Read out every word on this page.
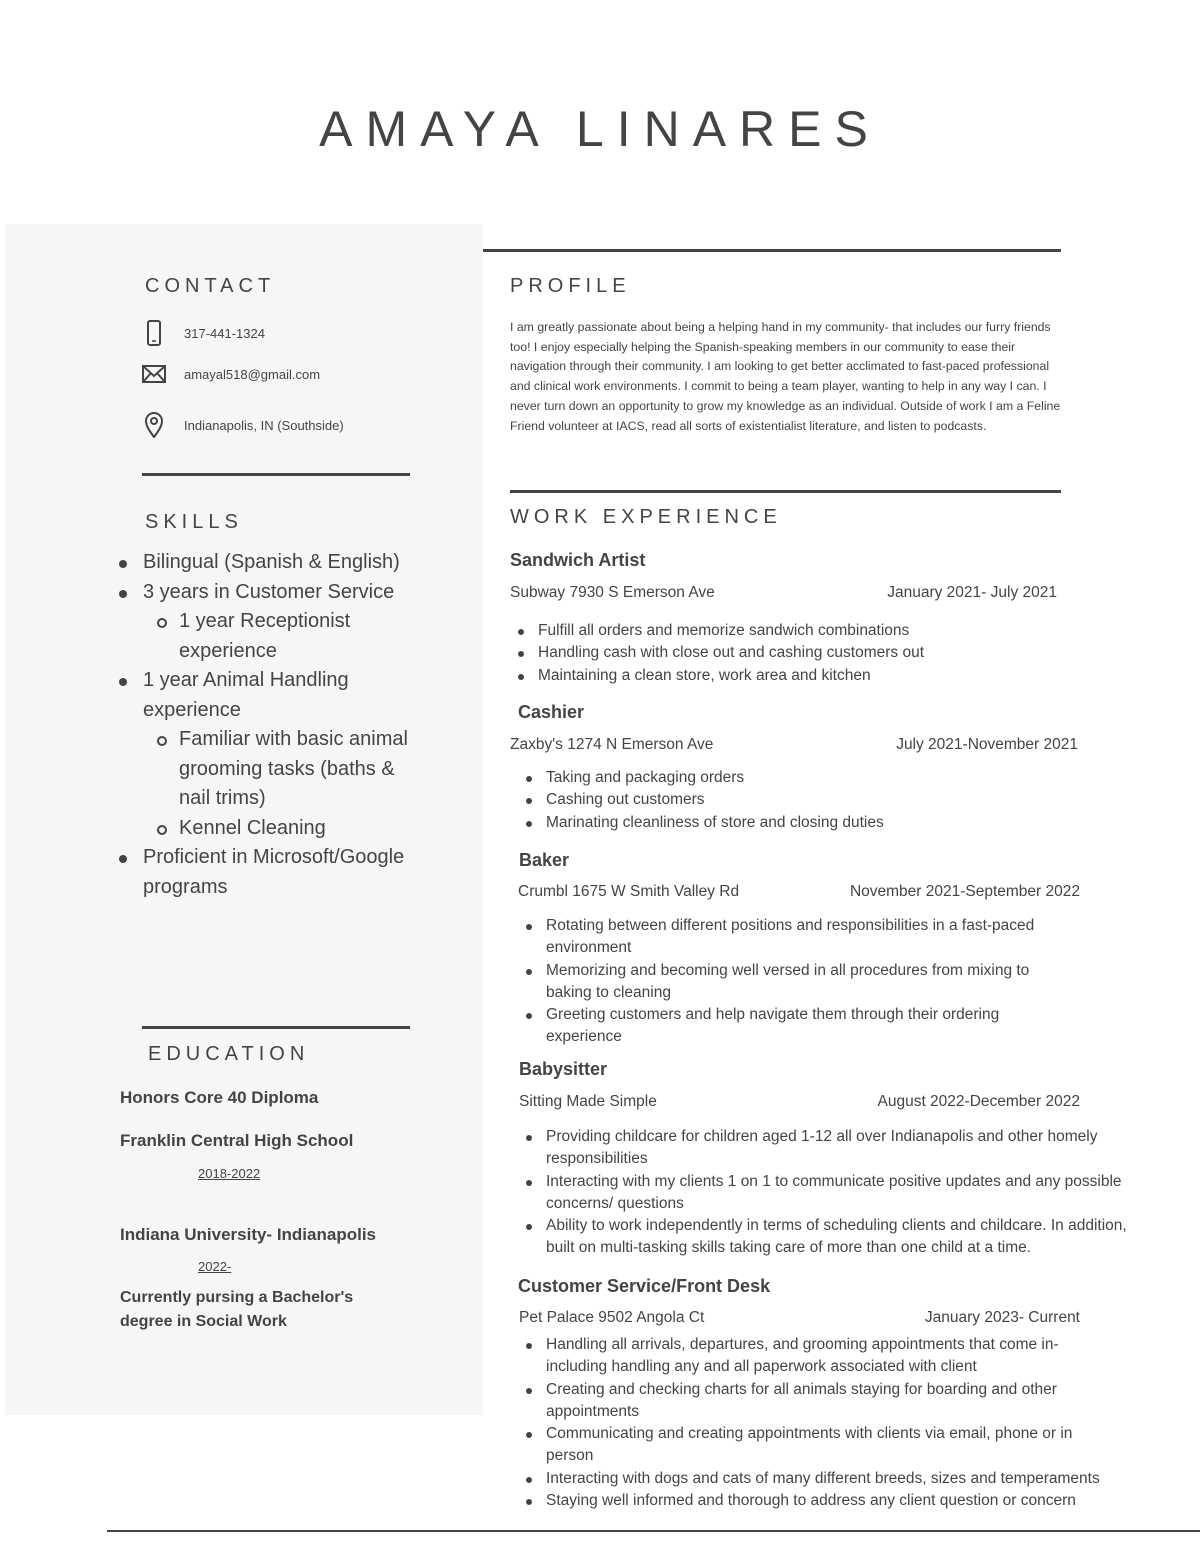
AMAYA LINARES
CONTACT
317-441-1324
amayal518@gmail.com
Indianapolis, IN (Southside)
SKILLS
Bilingual (Spanish & English)
3 years in Customer Service
1 year Receptionist experience
1 year Animal Handling experience
Familiar with basic animal grooming tasks (baths & nail trims)
Kennel Cleaning
Proficient in Microsoft/Google programs
EDUCATION
Honors Core 40 Diploma
Franklin Central High School
2018-2022
Indiana University- Indianapolis
2022-
Currently pursing a Bachelor's degree in Social Work
PROFILE
I am greatly passionate about being a helping hand in my community- that includes our furry friends too! I enjoy especially helping the Spanish-speaking members in our community to ease their navigation through their community. I am looking to get better acclimated to fast-paced professional and clinical work environments. I commit to being a team player, wanting to help in any way I can. I never turn down an opportunity to grow my knowledge as an individual. Outside of work I am a Feline Friend volunteer at IACS, read all sorts of existentialist literature, and listen to podcasts.
WORK EXPERIENCE
Sandwich Artist
Subway 7930 S Emerson Ave	January 2021- July 2021
Fulfill all orders and memorize sandwich combinations
Handling cash with close out and cashing customers out
Maintaining a clean store, work area and kitchen
Cashier
Zaxby's 1274 N Emerson Ave	July 2021-November 2021
Taking and packaging orders
Cashing out customers
Marinating cleanliness of store and closing duties
Baker
Crumbl 1675 W Smith Valley Rd	November 2021-September 2022
Rotating between different positions and responsibilities in a fast-paced environment
Memorizing and becoming well versed in all procedures from mixing to baking to cleaning
Greeting customers and help navigate them through their ordering experience
Babysitter
Sitting Made Simple	August 2022-December 2022
Providing childcare for children aged 1-12 all over Indianapolis and other homely responsibilities
Interacting with my clients 1 on 1 to communicate positive updates and any possible concerns/ questions
Ability to work independently in terms of scheduling clients and childcare. In addition, built on multi-tasking skills taking care of more than one child at a time.
Customer Service/Front Desk
Pet Palace 9502 Angola Ct	January 2023- Current
Handling all arrivals, departures, and grooming appointments that come in- including handling any and all paperwork associated with client
Creating and checking charts for all animals staying for boarding and other appointments
Communicating and creating appointments with clients via email, phone or in person
Interacting with dogs and cats of many different breeds, sizes and temperaments
Staying well informed and thorough to address any client question or concern
